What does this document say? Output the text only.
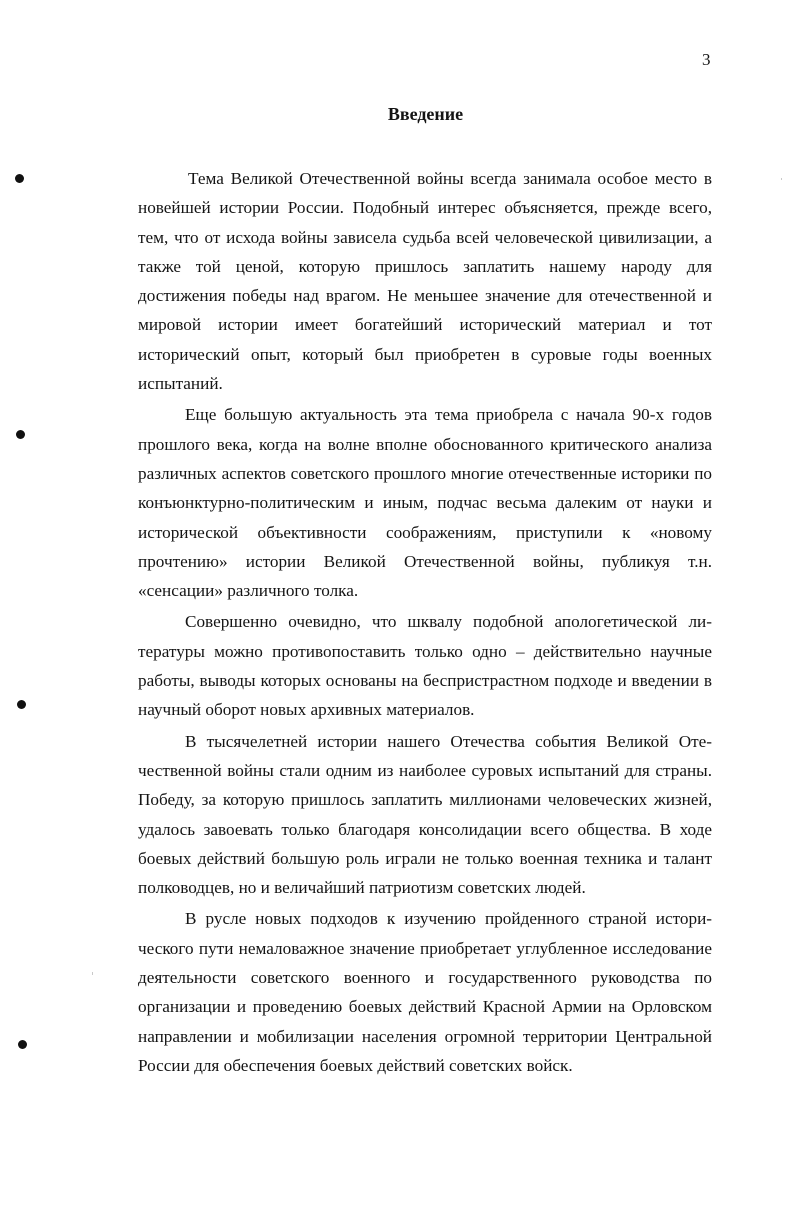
3
Введение

Тема Великой Отечественной войны всегда занимала особое место в новейшей истории России. Подобный интерес объясняется, прежде всего, тем, что от исхода войны зависела судьба всей человеческой цивилизации, а также той ценой, которую пришлось заплатить нашему народу для достижения победы над врагом. Не меньшее значение для отечественной и мировой истории имеет богатейший исторический материал и тот исторический опыт, который был приобретен в суровые годы военных испытаний.

Еще большую актуальность эта тема приобрела с начала 90-х годов прошлого века, когда на волне вполне обоснованного критического анализа различных аспектов советского прошлого многие отечественные историки по конъюнктурно-политическим и иным, подчас весьма далеким от науки и исторической объективности соображениям, приступили к «новому прочтению» истории Великой Отечественной войны, публикуя т.н. «сенсации» различного толка.

Совершенно очевидно, что шквалу подобной апологетической литературы можно противопоставить только одно – действительно научные работы, выводы которых основаны на беспристрастном подходе и введении в научный оборот новых архивных материалов.

В тысячелетней истории нашего Отечества события Великой Отечественной войны стали одним из наиболее суровых испытаний для страны. Победу, за которую пришлось заплатить миллионами человеческих жизней, удалось завоевать только благодаря консолидации всего общества. В ходе боевых действий большую роль играли не только военная техника и талант полководцев, но и величайший патриотизм советских людей.

В русле новых подходов к изучению пройденного страной исторического пути немаловажное значение приобретает углубленное исследование деятельности советского военного и государственного руководства по организации и проведению боевых действий Красной Армии на Орловском направлении и мобилизации населения огромной территории Центральной России для обеспечения боевых действий советских войск.
